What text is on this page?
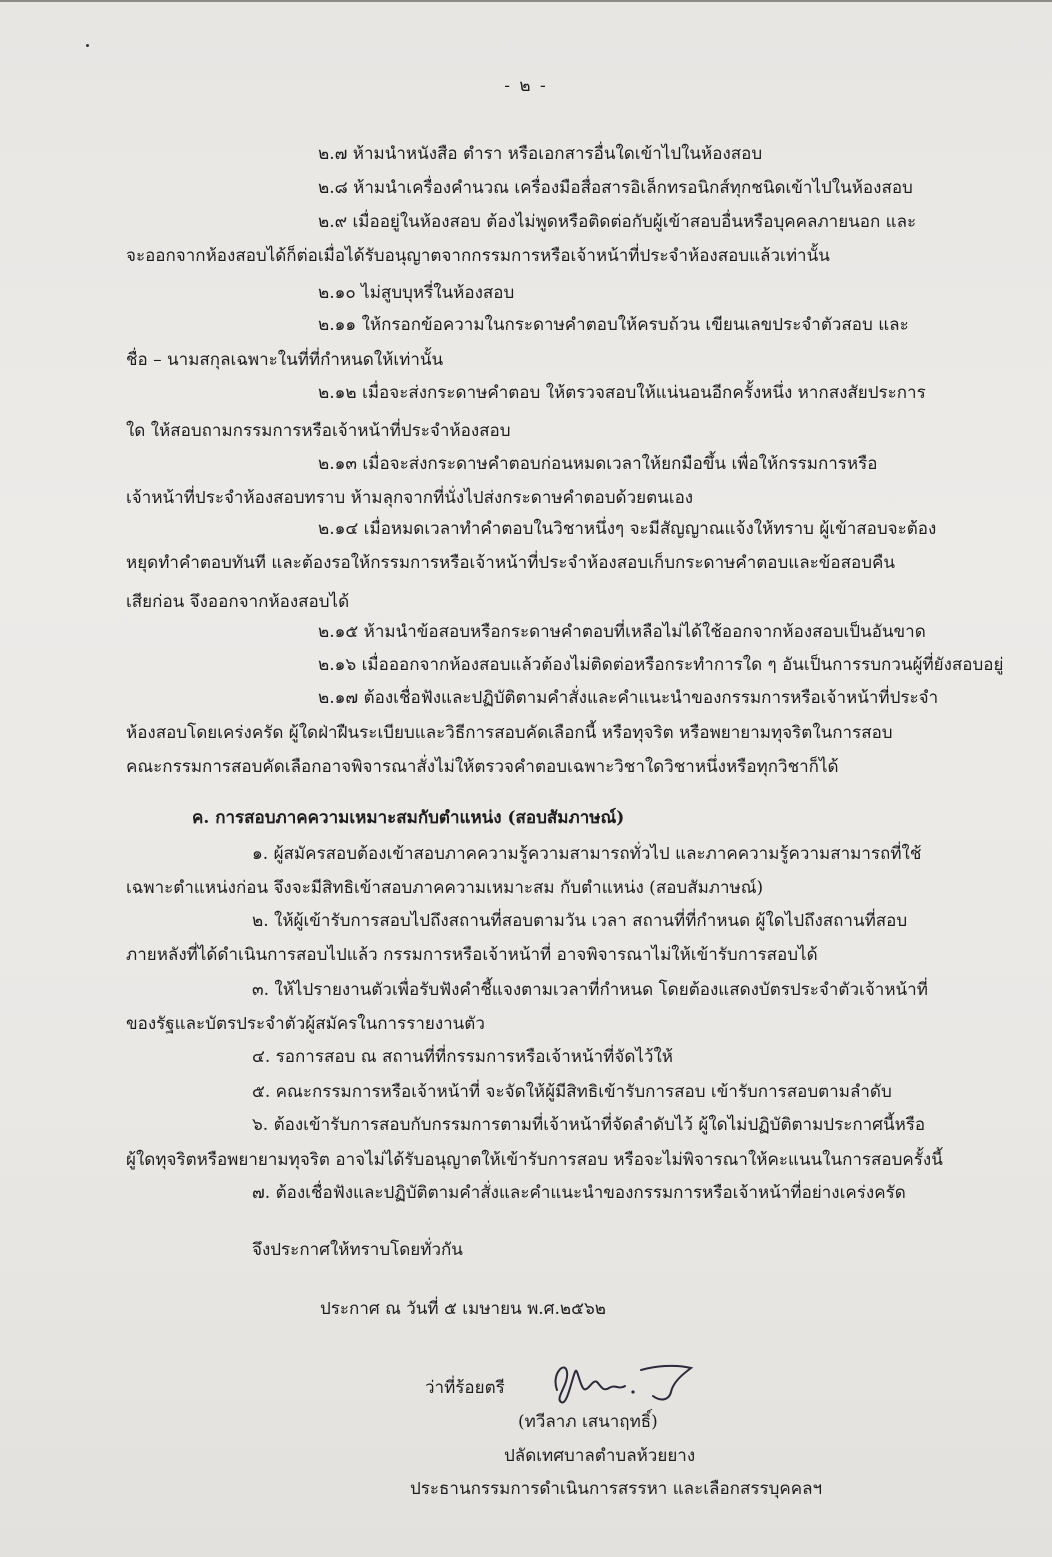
- ๒ -
๒.๗ ห้ามนำหนังสือ ตำรา หรือเอกสารอื่นใดเข้าไปในห้องสอบ
๒.๘ ห้ามนำเครื่องคำนวณ เครื่องมือสื่อสารอิเล็กทรอนิกส์ทุกชนิดเข้าไปในห้องสอบ
๒.๙ เมื่ออยู่ในห้องสอบ ต้องไม่พูดหรือติดต่อกับผู้เข้าสอบอื่นหรือบุคคลภายนอก และ
จะออกจากห้องสอบได้ก็ต่อเมื่อได้รับอนุญาตจากกรรมการหรือเจ้าหน้าที่ประจำห้องสอบแล้วเท่านั้น
๒.๑๐ ไม่สูบบุหรี่ในห้องสอบ
๒.๑๑ ให้กรอกข้อความในกระดาษคำตอบให้ครบถ้วน เขียนเลขประจำตัวสอบ และ
ชื่อ – นามสกุลเฉพาะในที่ที่กำหนดให้เท่านั้น
๒.๑๒ เมื่อจะส่งกระดาษคำตอบ ให้ตรวจสอบให้แน่นอนอีกครั้งหนึ่ง หากสงสัยประการ
ใด ให้สอบถามกรรมการหรือเจ้าหน้าที่ประจำห้องสอบ
๒.๑๓ เมื่อจะส่งกระดาษคำตอบก่อนหมดเวลาให้ยกมือขึ้น เพื่อให้กรรมการหรือ
เจ้าหน้าที่ประจำห้องสอบทราบ ห้ามลุกจากที่นั่งไปส่งกระดาษคำตอบด้วยตนเอง
๒.๑๔ เมื่อหมดเวลาทำคำตอบในวิชาหนึ่งๆ จะมีสัญญาณแจ้งให้ทราบ ผู้เข้าสอบจะต้อง
หยุดทำคำตอบทันที และต้องรอให้กรรมการหรือเจ้าหน้าที่ประจำห้องสอบเก็บกระดาษคำตอบและข้อสอบคืน
เสียก่อน จึงออกจากห้องสอบได้
๒.๑๕ ห้ามนำข้อสอบหรือกระดาษคำตอบที่เหลือไม่ได้ใช้ออกจากห้องสอบเป็นอันขาด
๒.๑๖ เมื่อออกจากห้องสอบแล้วต้องไม่ติดต่อหรือกระทำการใด ๆ อันเป็นการรบกวนผู้ที่ยังสอบอยู่
๒.๑๗ ต้องเชื่อฟังและปฏิบัติตามคำสั่งและคำแนะนำของกรรมการหรือเจ้าหน้าที่ประจำ
ห้องสอบโดยเคร่งครัด ผู้ใดฝ่าฝืนระเบียบและวิธีการสอบคัดเลือกนี้ หรือทุจริต หรือพยายามทุจริตในการสอบ
คณะกรรมการสอบคัดเลือกอาจพิจารณาสั่งไม่ให้ตรวจคำตอบเฉพาะวิชาใดวิชาหนึ่งหรือทุกวิชาก็ได้
ค. การสอบภาคความเหมาะสมกับตำแหน่ง (สอบสัมภาษณ์)
๑. ผู้สมัครสอบต้องเข้าสอบภาคความรู้ความสามารถทั่วไป และภาคความรู้ความสามารถที่ใช้
เฉพาะตำแหน่งก่อน จึงจะมีสิทธิเข้าสอบภาคความเหมาะสม กับตำแหน่ง (สอบสัมภาษณ์)
๒. ให้ผู้เข้ารับการสอบไปถึงสถานที่สอบตามวัน เวลา สถานที่ที่กำหนด ผู้ใดไปถึงสถานที่สอบ
ภายหลังที่ได้ดำเนินการสอบไปแล้ว กรรมการหรือเจ้าหน้าที่ อาจพิจารณาไม่ให้เข้ารับการสอบได้
๓. ให้ไปรายงานตัวเพื่อรับฟังคำชี้แจงตามเวลาที่กำหนด โดยต้องแสดงบัตรประจำตัวเจ้าหน้าที่
ของรัฐและบัตรประจำตัวผู้สมัครในการรายงานตัว
๔. รอการสอบ ณ สถานที่ที่กรรมการหรือเจ้าหน้าที่จัดไว้ให้
๕. คณะกรรมการหรือเจ้าหน้าที่ จะจัดให้ผู้มีสิทธิเข้ารับการสอบ เข้ารับการสอบตามลำดับ
๖. ต้องเข้ารับการสอบกับกรรมการตามที่เจ้าหน้าที่จัดลำดับไว้ ผู้ใดไม่ปฏิบัติตามประกาศนี้หรือ
ผู้ใดทุจริตหรือพยายามทุจริต อาจไม่ได้รับอนุญาตให้เข้ารับการสอบ หรือจะไม่พิจารณาให้คะแนนในการสอบครั้งนี้
๗. ต้องเชื่อฟังและปฏิบัติตามคำสั่งและคำแนะนำของกรรมการหรือเจ้าหน้าที่อย่างเคร่งครัด
จึงประกาศให้ทราบโดยทั่วกัน
ประกาศ ณ วันที่ ๕ เมษายน พ.ศ.๒๕๖๒
ว่าที่ร้อยตรี
(ทวีลาภ เสนาฤทธิ์)
ปลัดเทศบาลตำบลห้วยยาง
ประธานกรรมการดำเนินการสรรหา และเลือกสรรบุคคลฯ
